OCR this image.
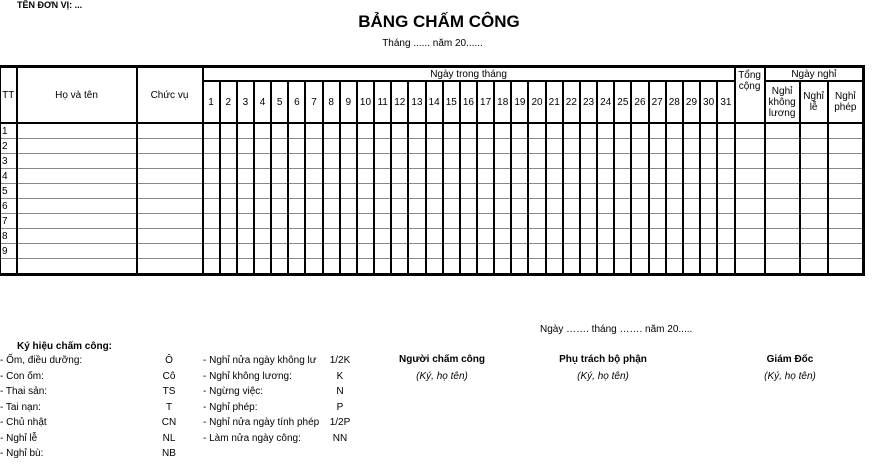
TÊN ĐƠN VỊ: ...
BẢNG CHẤM CÔNG
Tháng ...... năm 20......
TT	Họ và tên	Chức vụ	Ngày trong tháng																															Tổng cộng	Ngày nghỉ		
			1	2	3	4	5	6	7	8	9	10	11	12	13	14	15	16	17	18	19	20	21	22	23	24	25	26	27	28	29	30	31		Nghỉ không lương	Nghỉ lễ	Nghỉ phép
1																																					
2																																					
3																																					
4																																					
5																																					
6																																					
7																																					
8																																					
9																																					

Ngày ……. tháng ……. năm 20.....
Ký hiệu chấm công:
- Ốm, điều dưỡng:	Ô
- Con ốm:	Cô
- Thai sản:	TS
- Tai nạn:	T
- Chủ nhật	CN
- Nghỉ lễ	NL
- Nghỉ bù:	NB
- Nghỉ nửa ngày không lư	1/2K
- Nghỉ không lương:	K
- Ngừng việc:	N
- Nghỉ phép:	P
- Nghỉ nửa ngày tính phép	1/2P
- Làm nửa ngày công:	NN
Người chấm công
(Ký, họ tên)
Phụ trách bộ phận
(Ký, họ tên)
Giám Đốc
(Ký, họ tên)
